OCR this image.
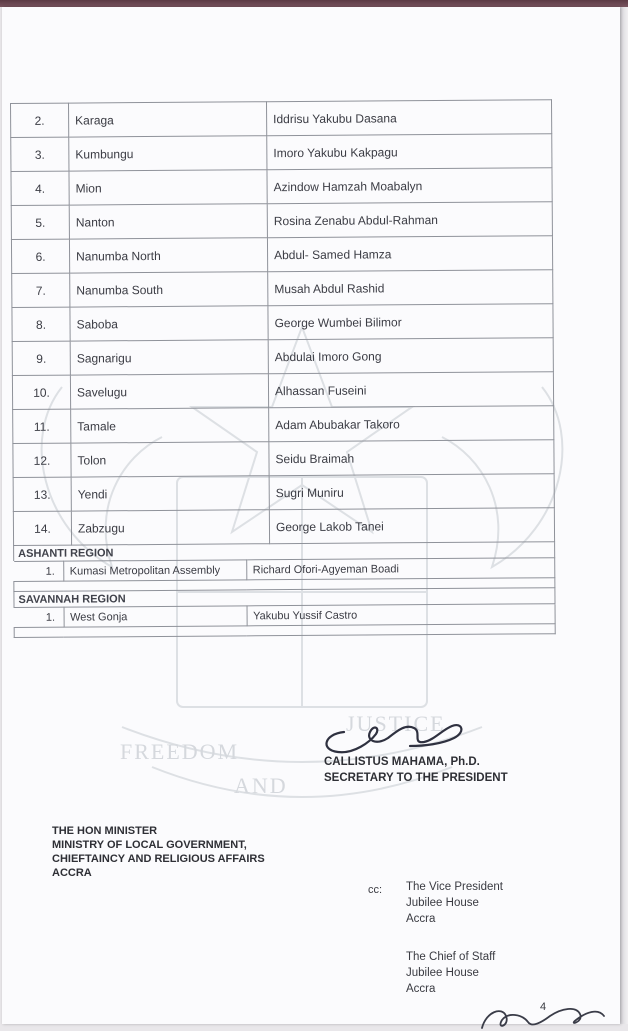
FREEDOM
AND
JUSTICE
2.	Karaga	Iddrisu Yakubu Dasana
3.	Kumbungu	Imoro Yakubu Kakpagu
4.	Mion	Azindow Hamzah Moabalyn
5.	Nanton	Rosina Zenabu Abdul-Rahman
6.	Nanumba North	Abdul- Samed Hamza
7.	Nanumba South	Musah Abdul Rashid
8.	Saboba	George Wumbei Bilimor
9.	Sagnarigu	Abdulai Imoro Gong
10.	Savelugu	Alhassan Fuseini
11.	Tamale	Adam Abubakar Takoro
12.	Tolon	Seidu Braimah
13.	Yendi	Sugri Muniru
14.	Zabzugu	George Lakob Tanei
ASHANTI REGION		
1.	Kumasi Metropolitan Assembly	Richard Ofori-Agyeman Boadi

SAVANNAH REGION		
1.	West Gonja	Yakubu Yussif Castro

CALLISTUS MAHAMA, Ph.D.
SECRETARY TO THE PRESIDENT
THE HON MINISTER
MINISTRY OF LOCAL GOVERNMENT,
CHIEFTAINCY AND RELIGIOUS AFFAIRS
ACCRA
cc: The Vice President
Jubilee House
Accra
The Chief of Staff
Jubilee House
Accra
4
